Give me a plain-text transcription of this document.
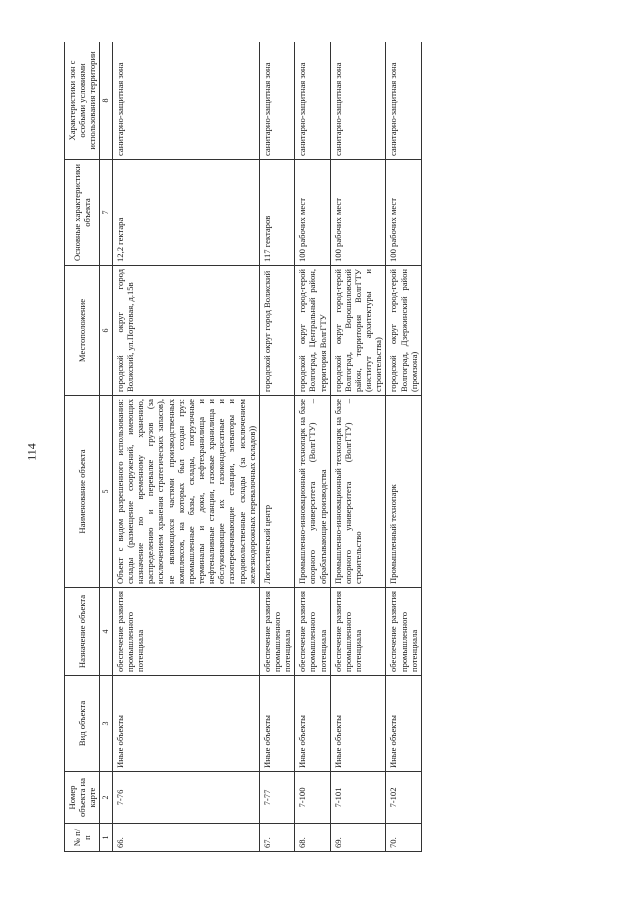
114
№ п/п	Номер объекта на карте	Вид объекта	Назначение объекта	Наименование объекта	Местоположение	Основные характеристики объекта	Характеристики зон с особыми условиями использования территории
1	2	3	4	5	6	7	8
66.	7-76	Иные объекты	обеспечение развития промышленного потенциала	Объект с видом разрешенного использования: склады (размещение сооружений, имеющих назначение по временному хранению, распределению и перевалке грузов (за исключением хранения стратегических запасов), не являющихся частями производственных комплексов, на которых был создан груз: промышленные базы, склады, погрузочные терминалы и доки, нефтехранилища и нефтеналивные станции, газовые хранилища и обслуживающие их газоконденсатные и газоперекачивающие станции, элеваторы и продовольственные склады (за исключением железнодорожных перевалочных складов))	городской округ город Волжский, ул.Портовая, д.15в	12,2 гектара	санитарно-защитная зона
67.	7-77	Иные объекты	обеспечение развития промышленного потенциала	Логистический центр	городской округ город Волжский	117 гектаров	санитарно-защитная зона
68.	7-100	Иные объекты	обеспечение развития промышленного потенциала	Промышленно-инновационный технопарк на базе опорного университета (ВолгГТУ) – обрабатывающие производства	городской округ город-герой Волгоград, Центральный район, территория ВолгГТУ	100 рабочих мест	санитарно-защитная зона
69.	7-101	Иные объекты	обеспечение развития промышленного потенциала	Промышленно-инновационный технопарк на базе опорного университета (ВолгГТУ) – строительство	городской округ город-герой Волгоград, Ворошиловский район, территория ВолгГТУ (институт архитектуры и строительства)	100 рабочих мест	санитарно-защитная зона
70.	7-102	Иные объекты	обеспечение развития промышленного потенциала	Промышленный технопарк	городской округ город-герой Волгоград, Дзержинский район (промзона)	100 рабочих мест	санитарно-защитная зона
